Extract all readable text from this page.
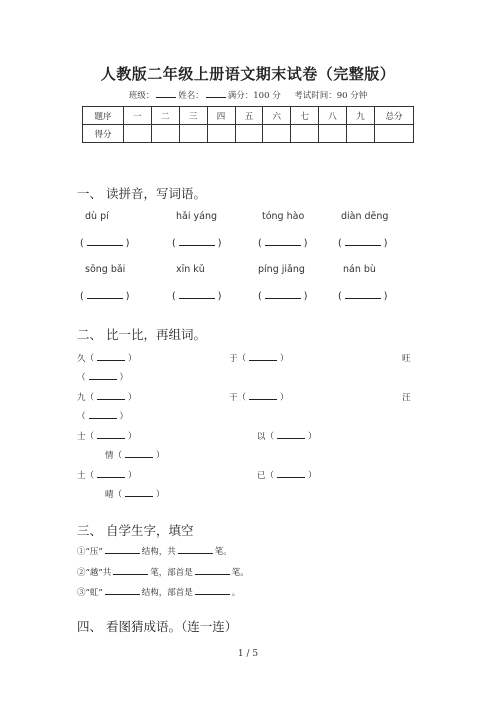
人教版二年级上册语文期末试卷（完整版）
班级：	姓名：	满分：100 分 考试时间：90 分钟
题序	一	二	三	四	五	六	七	八	九	总分
得分										
一、 读拼音，写词语。
dù pí	hǎi yáng	tóng hào	diàn dēng
(	)	(	)	(	)	(	)
sōng bǎi	xīn kǔ	píng jiǎng	nán bù
(	)	(	)	(	)	(	)
二、 比一比，再组词。
久（	）	于（	）	旺
（	）
九（	）	干（	）	汪
（	）
士（	）	以（	）
情（	）
土（	）	已（	）
晴（	）
三、 自学生字，填空
①“压”	结构，共	笔。
②“越”共	笔，部首是	笔。
③“虹”	结构，部首是	。
四、 看图猜成语。（连一连）
1 / 5
